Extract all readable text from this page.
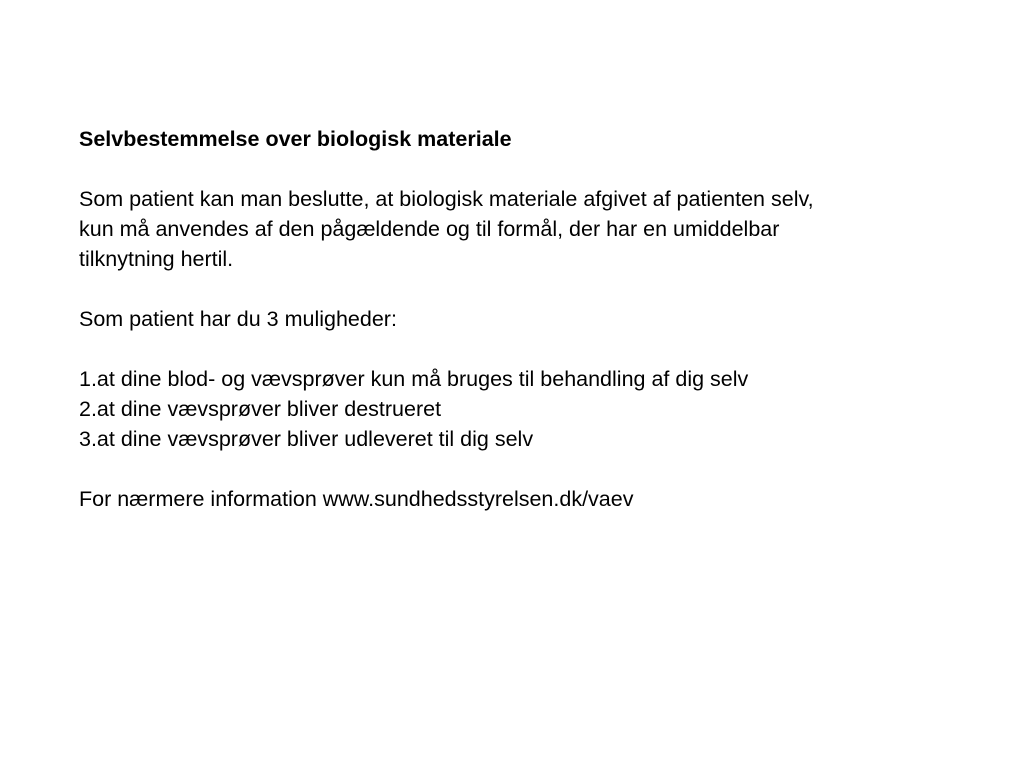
Selvbestemmelse over biologisk materiale

Som patient kan man beslutte, at biologisk materiale afgivet af patienten selv,
kun må anvendes af den pågældende og til formål, der har en umiddelbar
tilknytning hertil.

Som patient har du 3 muligheder:

1.at dine blod- og vævsprøver kun må bruges til behandling af dig selv
2.at dine vævsprøver bliver destrueret
3.at dine vævsprøver bliver udleveret til dig selv

For nærmere information www.sundhedsstyrelsen.dk/vaev
